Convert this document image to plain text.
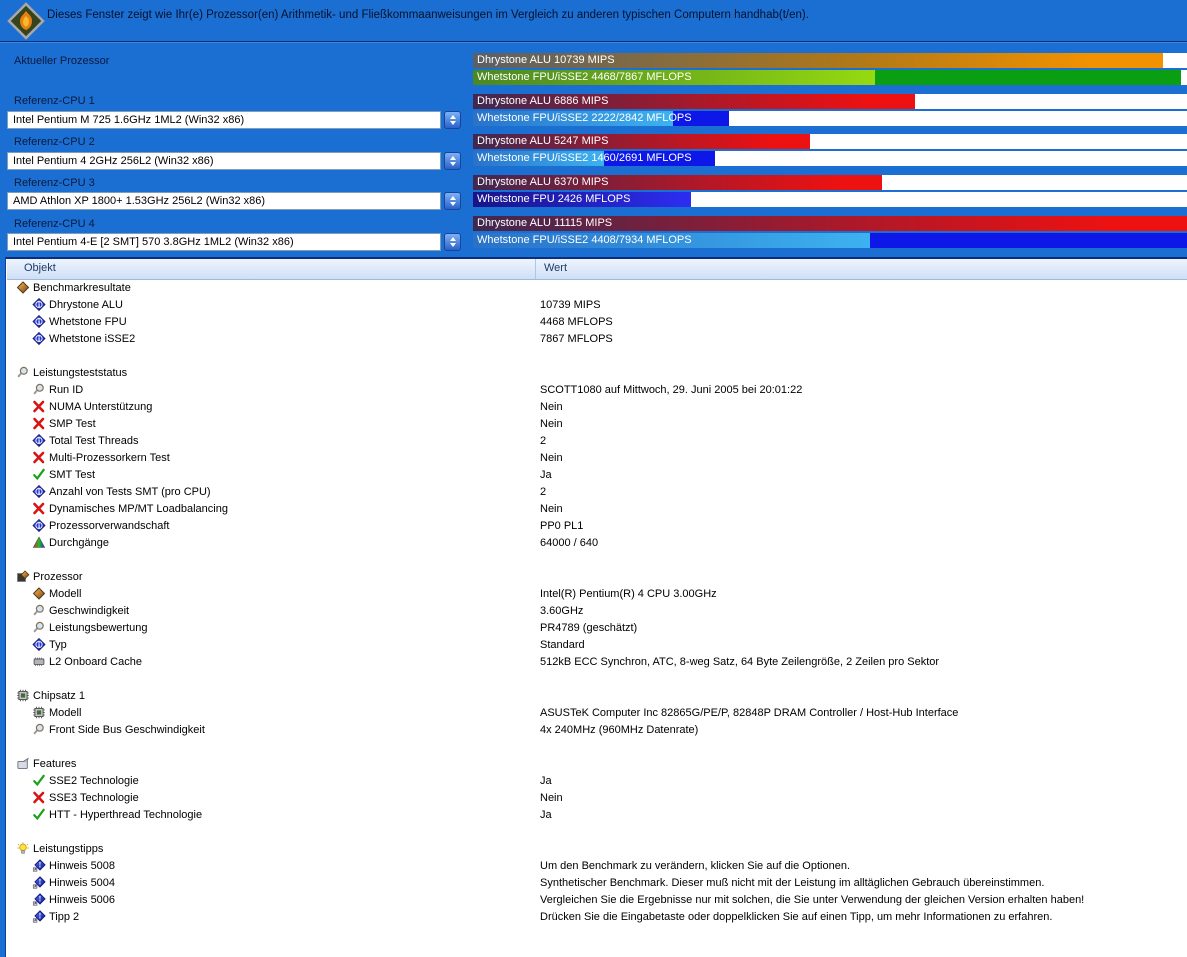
Dieses Fenster zeigt wie Ihr(e) Prozessor(en) Arithmetik- und Fließkommaanweisungen im Vergleich zu anderen typischen Computern handhab(t/en).
Aktueller Prozessor
Referenz-CPU 1
Intel Pentium M 725 1.6GHz 1ML2 (Win32 x86)
Referenz-CPU 2
Intel Pentium 4 2GHz 256L2 (Win32 x86)
Referenz-CPU 3
AMD Athlon XP 1800+ 1.53GHz 256L2 (Win32 x86)
Referenz-CPU 4
Intel Pentium 4-E [2 SMT] 570 3.8GHz 1ML2 (Win32 x86)
Dhrystone ALU 10739 MIPS
Whetstone FPU/iSSE2 4468/7867 MFLOPS
Dhrystone ALU 6886 MIPS
Whetstone FPU/iSSE2 2222/2842 MFLOPS
Dhrystone ALU 5247 MIPS
Whetstone FPU/iSSE2 1460/2691 MFLOPS
Dhrystone ALU 6370 MIPS
Whetstone FPU 2426 MFLOPS
Dhrystone ALU 11115 MIPS
Whetstone FPU/iSSE2 4408/7934 MFLOPS
Objekt	Wert
Benchmarkresultate
i Dhrystone ALU	10739 MIPS
i Whetstone FPU	4468 MFLOPS
i Whetstone iSSE2	7867 MFLOPS
Leistungsteststatus
Run ID	SCOTT1080 auf Mittwoch, 29. Juni 2005 bei 20:01:22
NUMA Unterstützung	Nein
SMP Test	Nein
i Total Test Threads	2
Multi-Prozessorkern Test	Nein
SMT Test	Ja
i Anzahl von Tests SMT (pro CPU)	2
Dynamisches MP/MT Loadbalancing	Nein
i Prozessorverwandschaft	PP0 PL1
Durchgänge	64000 / 640
Prozessor
Modell	Intel(R) Pentium(R) 4 CPU 3.00GHz
Geschwindigkeit	3.60GHz
Leistungsbewertung	PR4789 (geschätzt)
i Typ	Standard
L2 Onboard Cache	512kB ECC Synchron, ATC, 8-weg Satz, 64 Byte Zeilengröße, 2 Zeilen pro Sektor
Chipsatz 1
Modell	ASUSTeK Computer Inc 82865G/PE/P, 82848P DRAM Controller / Host-Hub Interface
Front Side Bus Geschwindigkeit	4x 240MHz (960MHz Datenrate)
Features
SSE2 Technologie	Ja
SSE3 Technologie	Nein
HTT - Hyperthread Technologie	Ja
Leistungstipps
! Hinweis 5008	Um den Benchmark zu verändern, klicken Sie auf die Optionen.
! Hinweis 5004	Synthetischer Benchmark. Dieser muß nicht mit der Leistung im alltäglichen Gebrauch übereinstimmen.
! Hinweis 5006	Vergleichen Sie die Ergebnisse nur mit solchen, die Sie unter Verwendung der gleichen Version erhalten haben!
! Tipp 2	Drücken Sie die Eingabetaste oder doppelklicken Sie auf einen Tipp, um mehr Informationen zu erfahren.
